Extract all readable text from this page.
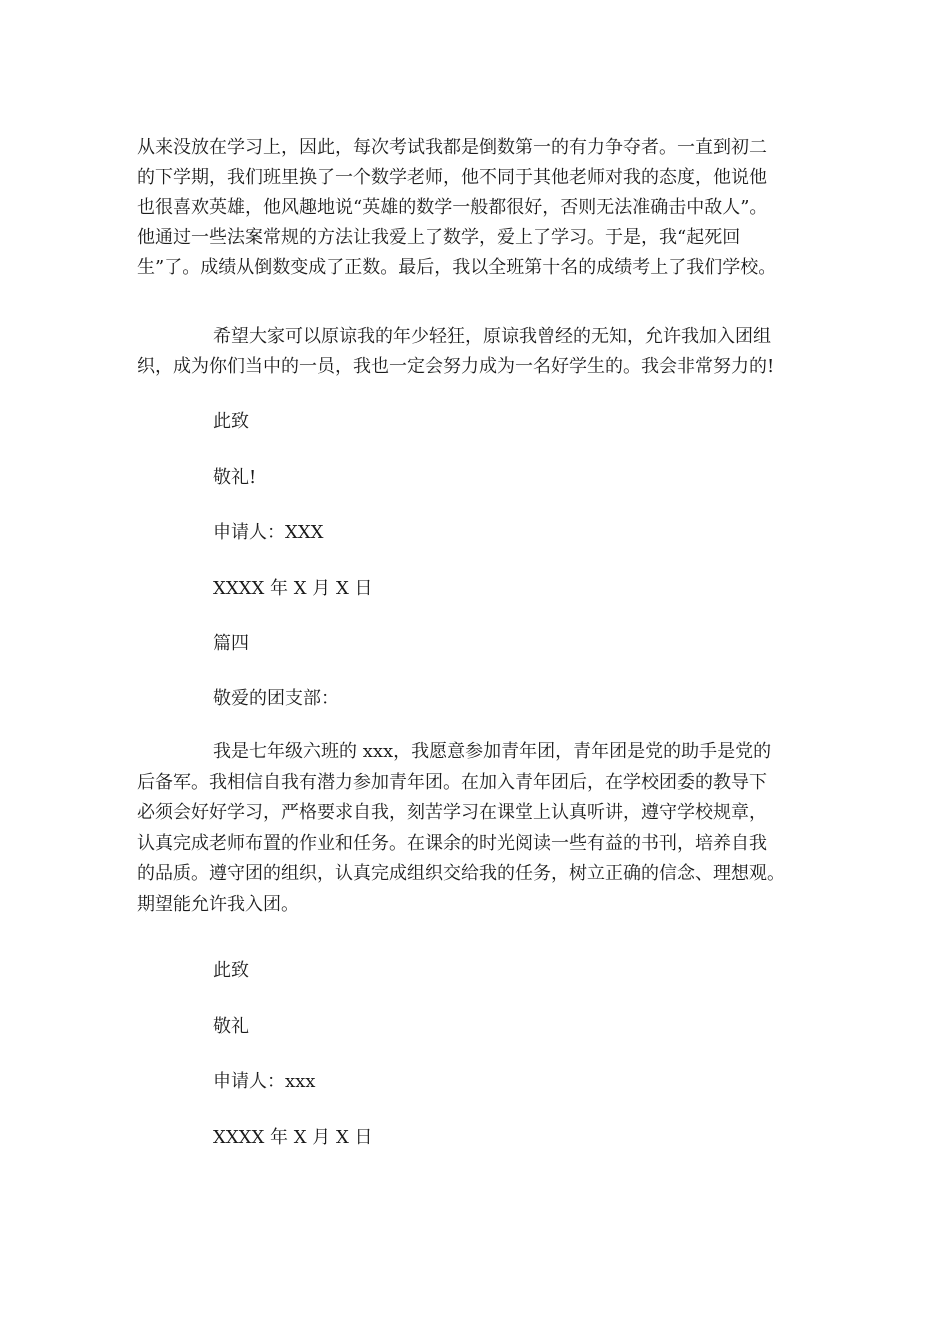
从来没放在学习上，因此，每次考试我都是倒数第一的有力争夺者。一直到初二
的下学期，我们班里换了一个数学老师，他不同于其他老师对我的态度，他说他
也很喜欢英雄，他风趣地说“英雄的数学一般都很好，否则无法准确击中敌人”。
他通过一些法案常规的方法让我爱上了数学，爱上了学习。于是，我“起死回
生”了。成绩从倒数变成了正数。最后，我以全班第十名的成绩考上了我们学校。

希望大家可以原谅我的年少轻狂，原谅我曾经的无知，允许我加入团组
织，成为你们当中的一员，我也一定会努力成为一名好学生的。我会非常努力的!

此致

敬礼!

申请人：XXX

XXXX 年 X 月 X 日

篇四

敬爱的团支部：

我是七年级六班的 xxx，我愿意参加青年团，青年团是党的助手是党的
后备军。我相信自我有潜力参加青年团。在加入青年团后，在学校团委的教导下
必须会好好学习，严格要求自我，刻苦学习在课堂上认真听讲，遵守学校规章，
认真完成老师布置的作业和任务。在课余的时光阅读一些有益的书刊，培养自我
的品质。遵守团的组织，认真完成组织交给我的任务，树立正确的信念、理想观。
期望能允许我入团。

此致

敬礼

申请人：xxx

XXXX 年 X 月 X 日
